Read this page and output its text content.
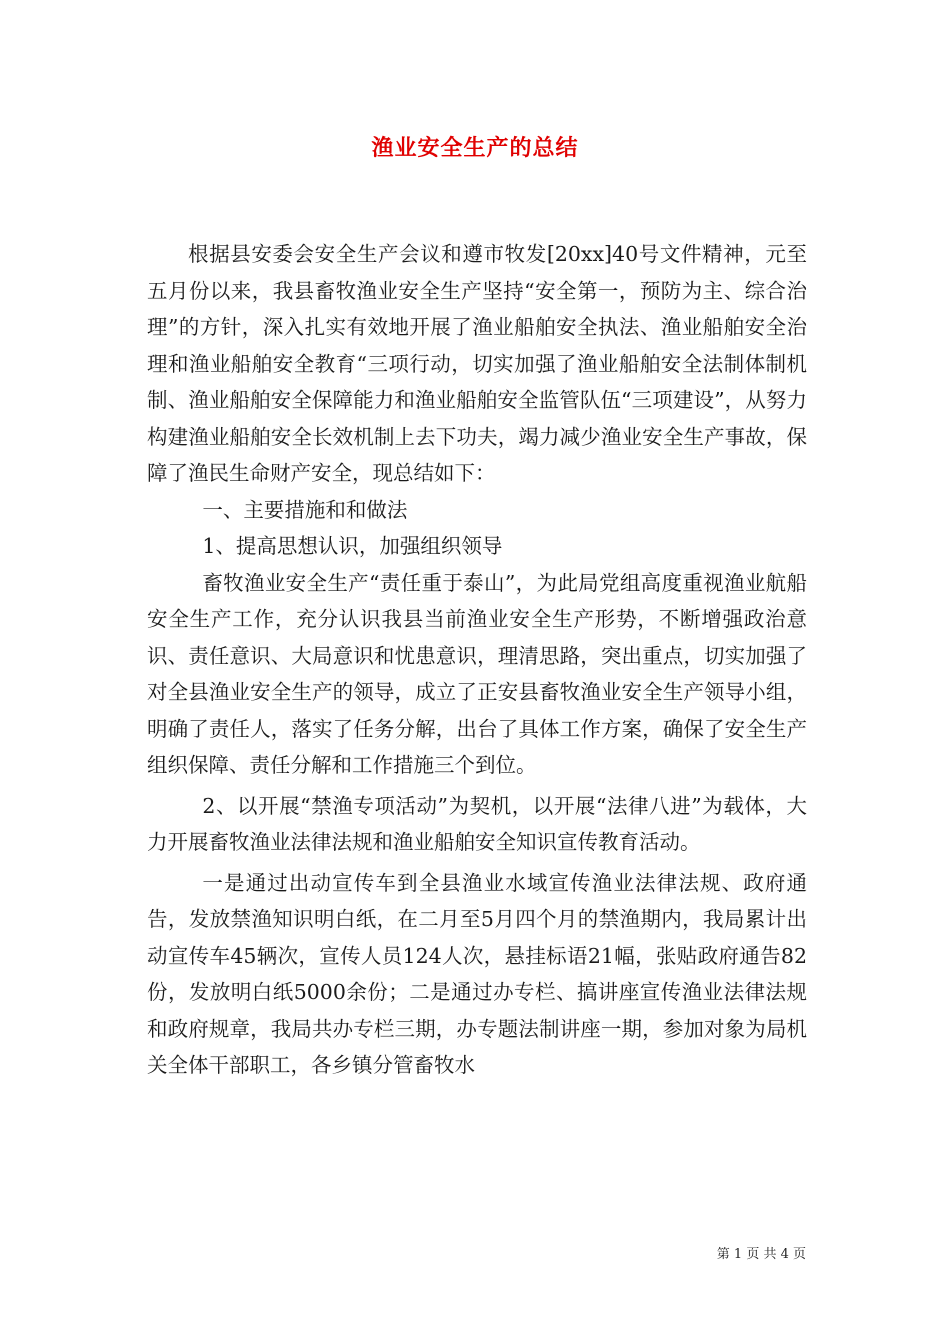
渔业安全生产的总结

根据县安委会安全生产会议和遵市牧发[20xx]40号文件精神，元至五月份以来，我县畜牧渔业安全生产坚持“安全第一，预防为主、综合治理”的方针，深入扎实有效地开展了渔业船舶安全执法、渔业船舶安全治理和渔业船舶安全教育“三项行动，切实加强了渔业船舶安全法制体制机制、渔业船舶安全保障能力和渔业船舶安全监管队伍“三项建设”，从努力构建渔业船舶安全长效机制上去下功夫，竭力减少渔业安全生产事故，保障了渔民生命财产安全，现总结如下：

一、主要措施和和做法

1、提高思想认识，加强组织领导

畜牧渔业安全生产“责任重于泰山”，为此局党组高度重视渔业航船安全生产工作，充分认识我县当前渔业安全生产形势，不断增强政治意识、责任意识、大局意识和忧患意识，理清思路，突出重点，切实加强了对全县渔业安全生产的领导，成立了正安县畜牧渔业安全生产领导小组，明确了责任人，落实了任务分解，出台了具体工作方案，确保了安全生产组织保障、责任分解和工作措施三个到位。

2、以开展“禁渔专项活动”为契机，以开展“法律八进”为载体，大力开展畜牧渔业法律法规和渔业船舶安全知识宣传教育活动。

一是通过出动宣传车到全县渔业水域宣传渔业法律法规、政府通告，发放禁渔知识明白纸，在二月至5月四个月的禁渔期内，我局累计出动宣传车45辆次，宣传人员124人次，悬挂标语21幅，张贴政府通告82份，发放明白纸5000余份；二是通过办专栏、搞讲座宣传渔业法律法规和政府规章，我局共办专栏三期，办专题法制讲座一期，参加对象为局机关全体干部职工，各乡镇分管畜牧水

第 1 页 共 4 页
